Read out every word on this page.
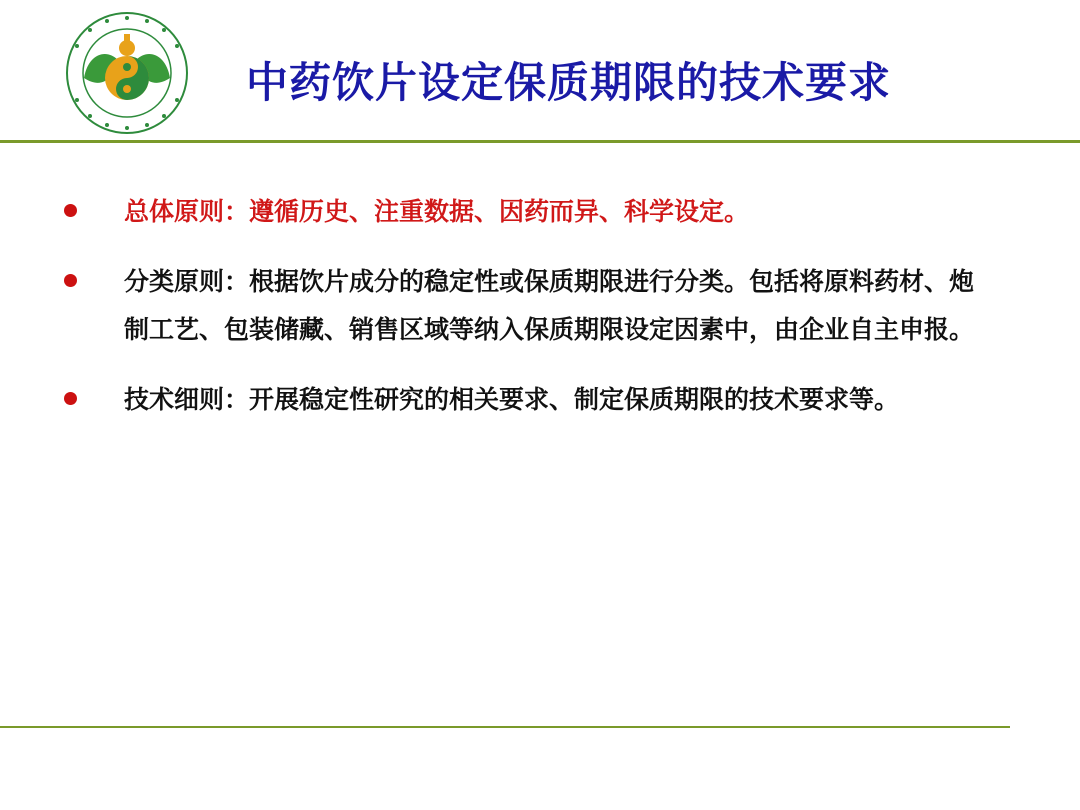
中药饮片设定保质期限的技术要求
总体原则：遵循历史、注重数据、因药而异、科学设定。
分类原则：根据饮片成分的稳定性或保质期限进行分类。包括将原料药材、炮制工艺、包装储藏、销售区域等纳入保质期限设定因素中，由企业自主申报。
技术细则：开展稳定性研究的相关要求、制定保质期限的技术要求等。
